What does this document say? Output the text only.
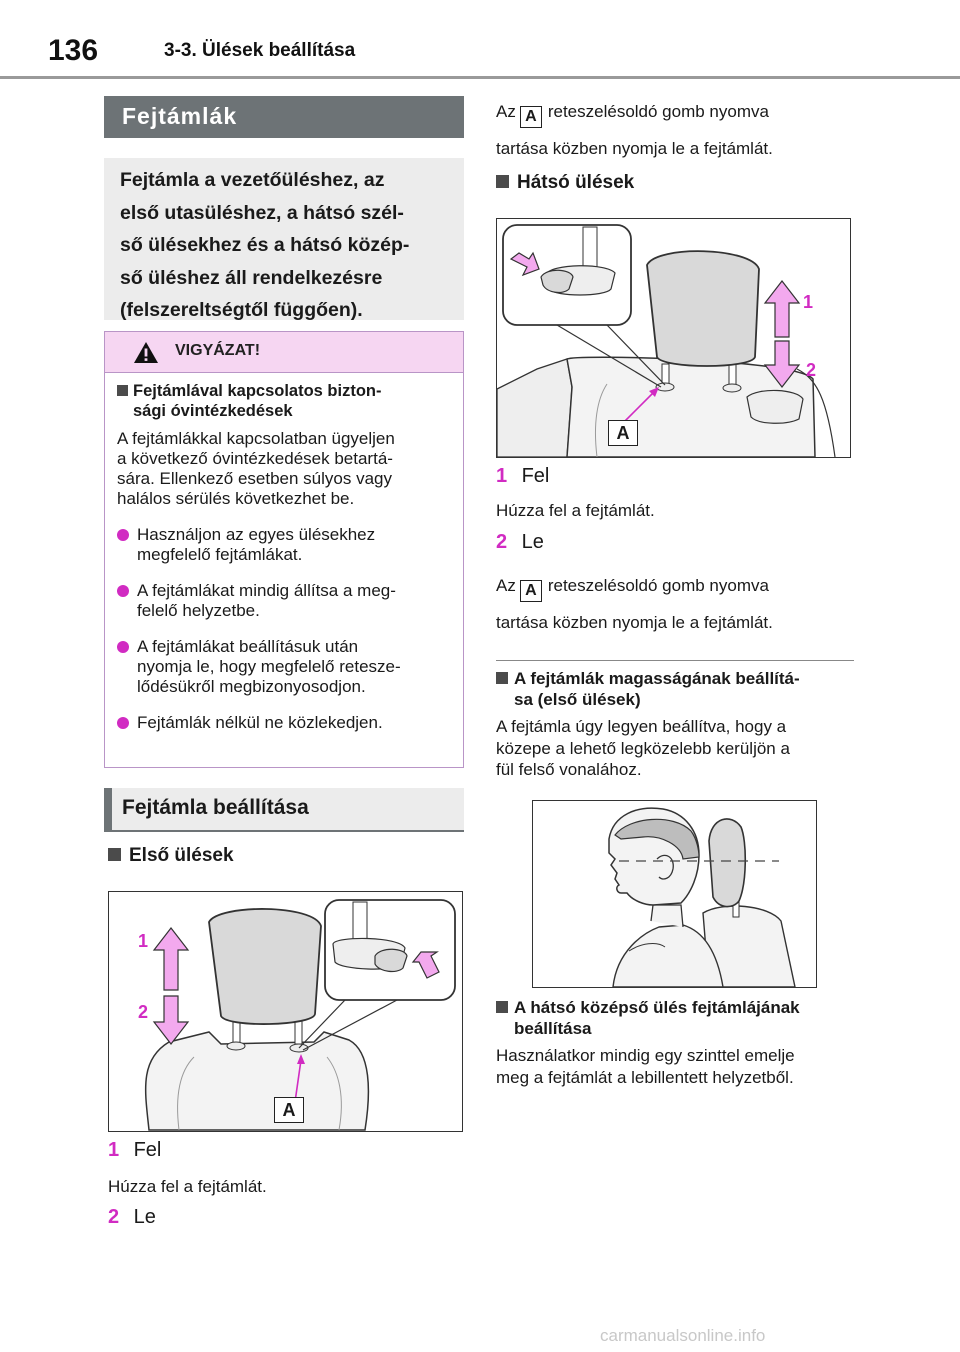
136	3-3. Ülések beállítása
Fejtámlák
Fejtámla a vezetőüléshez, az
első utasüléshez, a hátsó szél-
ső ülésekhez és a hátsó közép-
ső üléshez áll rendelkezésre
(felszereltségtől függően).
VIGYÁZAT!
Fejtámlával kapcsolatos bizton-
sági óvintézkedések
A fejtámlákkal kapcsolatban ügyeljen
a következő óvintézkedések betartá-
sára. Ellenkező esetben súlyos vagy
halálos sérülés következhet be.
Használjon az egyes ülésekhez
megfelelő fejtámlákat.
A fejtámlákat mindig állítsa a meg-
felelő helyzetbe.
A fejtámlákat beállításuk után
nyomja le, hogy megfelelő retesze-
lődésükről megbizonyosodjon.
Fejtámlák nélkül ne közlekedjen.
Fejtámla beállítása
Első ülések
1
2
A
1 Fel
Húzza fel a fejtámlát.
2 Le
Az A reteszelésoldó gomb nyomva
tartása közben nyomja le a fejtámlát.
Hátsó ülések
1
2
A
1 Fel
Húzza fel a fejtámlát.
2 Le
Az A reteszelésoldó gomb nyomva
tartása közben nyomja le a fejtámlát.
A fejtámlák magasságának beállítá-
sa (első ülések)
A fejtámla úgy legyen beállítva, hogy a
közepe a lehető legközelebb kerüljön a
fül felső vonalához.
A hátsó középső ülés fejtámlájának
beállítása
Használatkor mindig egy szinttel emelje
meg a fejtámlát a lebillentett helyzetből.
carmanualsonline.info
